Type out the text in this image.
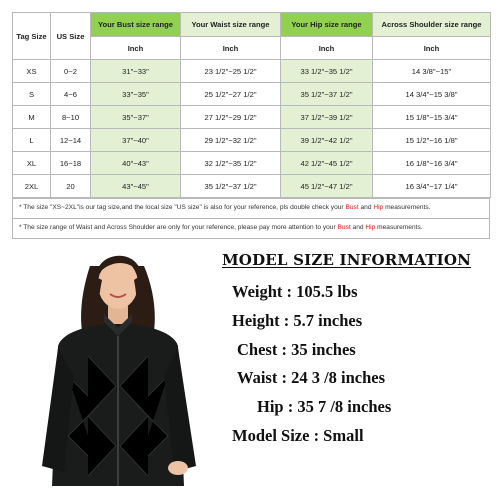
Tag Size	US Size	Your Bust size range	Your Waist size range	Your Hip size range	Across Shoulder size range
		Inch	Inch	Inch	Inch
XS	0~2	31"~33"	23 1/2"~25 1/2"	33 1/2"~35 1/2"	14 3/8"~15"
S	4~6	33"~35"	25 1/2"~27 1/2"	35 1/2"~37 1/2"	14 3/4"~15 3/8"
M	8~10	35"~37"	27 1/2"~29 1/2"	37 1/2"~39 1/2"	15 1/8"~15 3/4"
L	12~14	37"~40"	29 1/2"~32 1/2"	39 1/2"~42 1/2"	15 1/2"~16 1/8"
XL	16~18	40"~43"	32 1/2"~35 1/2"	42 1/2"~45 1/2"	16 1/8"~16 3/4"
2XL	20	43"~45"	35 1/2"~37 1/2"	45 1/2"~47 1/2"	16 3/4"~17 1/4"
* The size "XS~2XL"is our tag size,and the local size "US size" is also for your reference, pls double check your Bust and Hip measurements.
* The size range of Waist and Across Shoulder are only for your reference, please pay more attention to your Bust and Hip measurements.
MODEL SIZE INFORMATION
Weight : 105.5 lbs
Height : 5.7 inches
Chest : 35 inches
Waist : 24 3 /8 inches
Hip : 35 7 /8 inches
Model Size : Small
